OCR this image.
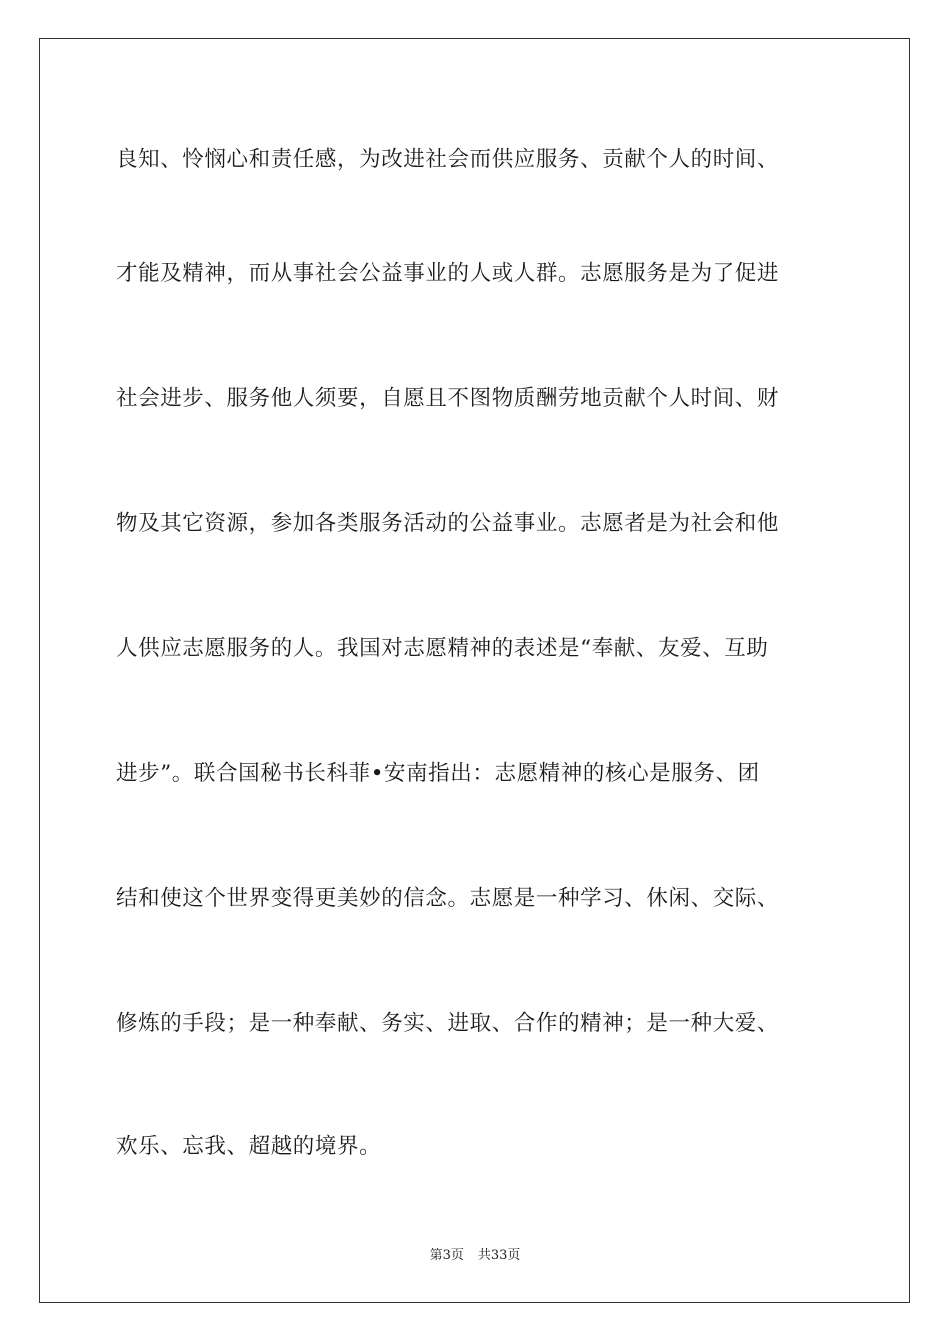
良知、怜悯心和责任感，为改进社会而供应服务、贡献个人的时间、
才能及精神，而从事社会公益事业的人或人群。志愿服务是为了促进
社会进步、服务他人须要，自愿且不图物质酬劳地贡献个人时间、财
物及其它资源，参加各类服务活动的公益事业。志愿者是为社会和他
人供应志愿服务的人。我国对志愿精神的表述是“奉献、友爱、互助
进步”。联合国秘书长科菲•安南指出：志愿精神的核心是服务、团
结和使这个世界变得更美妙的信念。志愿是一种学习、休闲、交际、
修炼的手段；是一种奉献、务实、进取、合作的精神；是一种大爱、
欢乐、忘我、超越的境界。
第3页 共33页
